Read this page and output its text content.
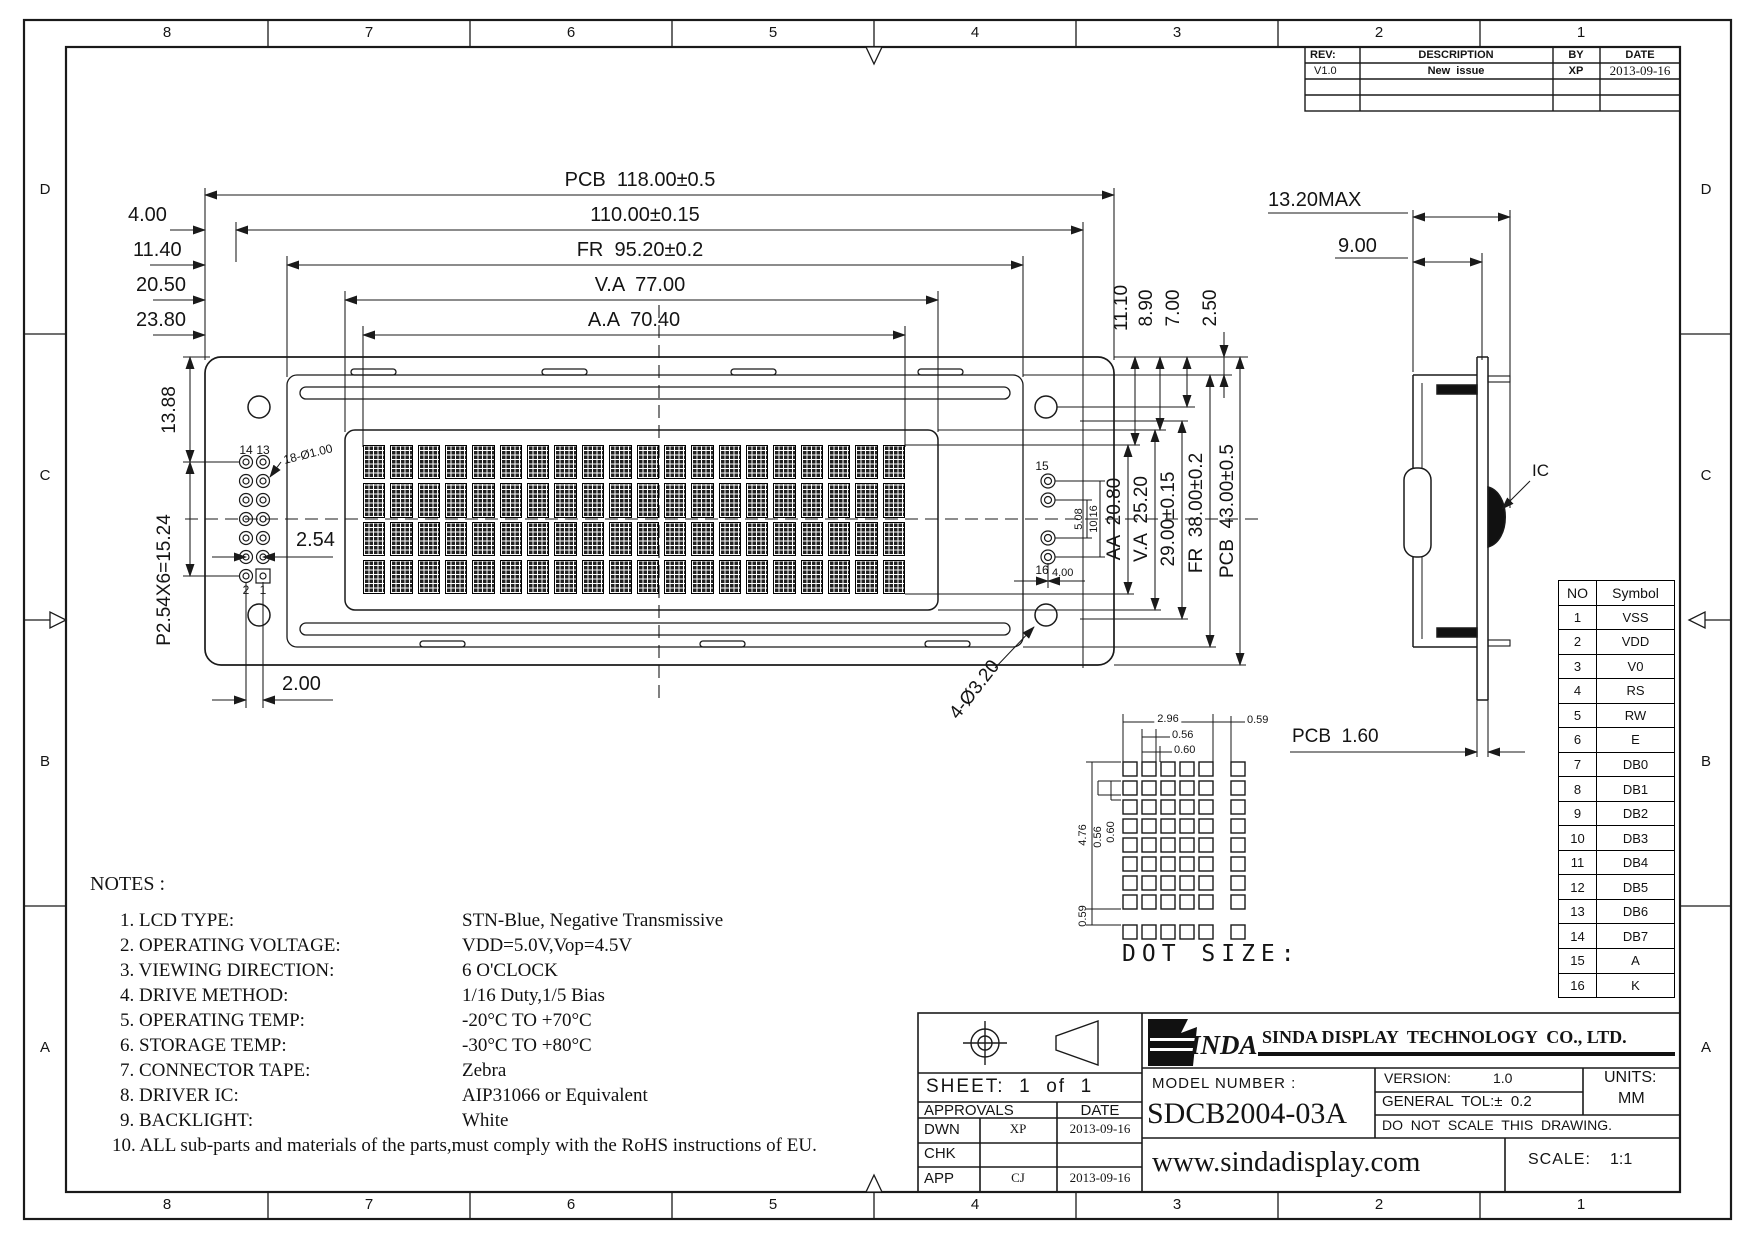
8	7	6	5	4	3	2	1
8	7	6	5	4	3	2	1
D
C
B
A
D
C
B
A
REV:	DESCRIPTION	BY	DATE
V1.0	New  issue	XP 2013-09-16
PCB  118.00±0.5
110.00±0.15
FR  95.20±0.2
V.A  77.00
A.A  70.40
4.00
11.40
20.50
23.80
13.88
P2.54X6=15.24	2.54
2.00
14 13
2 1
18-Ø1.00	15
16
5.08 10.16
4.00
11.10 8.90 7.00 2.50
AA  20.80 V.A  25.20 29.00±0.15 FR  38.00±0.2 PCB  43.00±0.5
4-Ø3.20
13.20MAX
9.00
PCB  1.60
IC
2.96
0.56
0.60
0.59
4.76 0.56 0.60
0.59
DOT SIZE:
NO	Symbol
1	VSS
2	VDD
3	V0
4	RS
5	RW
6	E
7	DB0
8	DB1
9	DB2
10	DB3
11	DB4
12	DB5
13	DB6
14	DB7
15	A
16	K
NOTES :
1. LCD TYPE:	STN-Blue, Negative Transmissive
2. OPERATING VOLTAGE:	VDD=5.0V,Vop=4.5V
3. VIEWING DIRECTION:	6 O'CLOCK
4. DRIVE METHOD:	1/16 Duty,1/5 Bias
5. OPERATING TEMP:	-20°C TO +70°C
6. STORAGE TEMP:	-30°C TO +80°C
7. CONNECTOR TAPE:	Zebra
8. DRIVER IC:	AIP31066 or Equivalent
9. BACKLIGHT:	White
10. ALL sub-parts and materials of the parts,must comply with the RoHS instructions of EU.
SHEET:  1  of  1
APPROVALS	DATE
DWN	XP	2013-09-16
CHK
APP	CJ	2013-09-16
INDA SINDA DISPLAY  TECHNOLOGY  CO., LTD.
MODEL NUMBER :
SDCB2004-03A
VERSION:	1.0
GENERAL  TOL:±  0.2
DO  NOT  SCALE  THIS  DRAWING.
UNITS:
MM
www.sindadisplay.com	SCALE: 1:1
